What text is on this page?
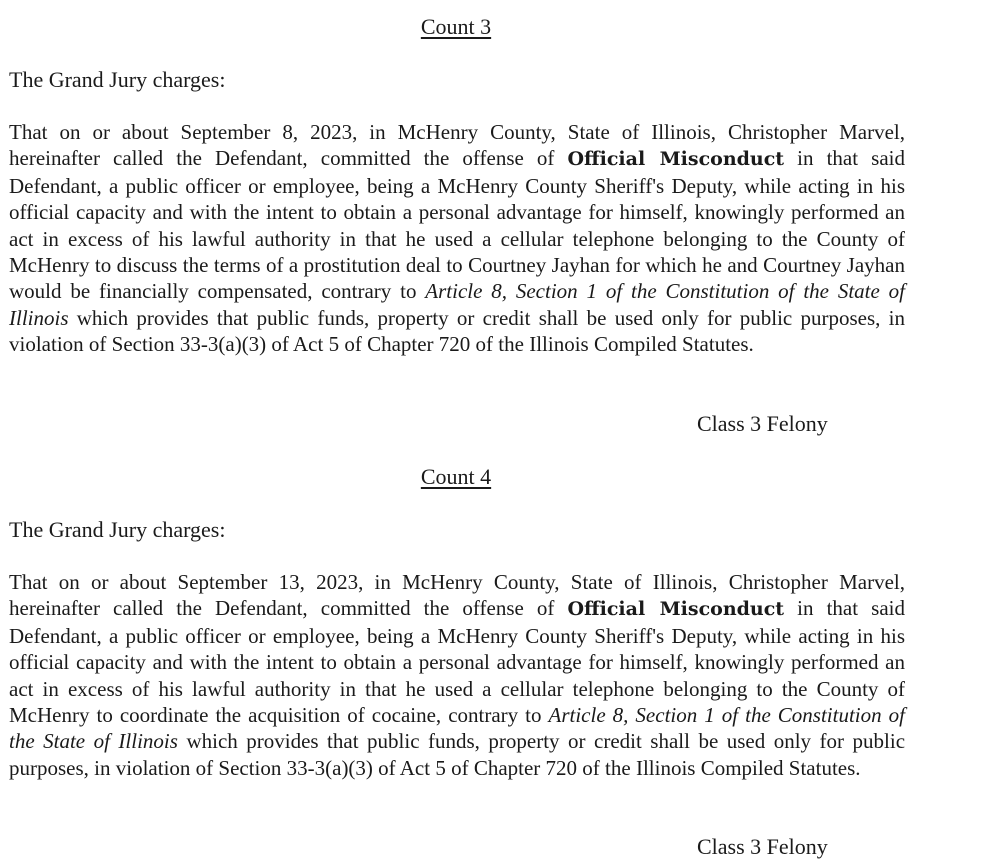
Count 3
The Grand Jury charges:
That on or about September 8, 2023, in McHenry County, State of Illinois, Christopher Marvel, hereinafter called the Defendant, committed the offense of Official Misconduct in that said Defendant, a public officer or employee, being a McHenry County Sheriff's Deputy, while acting in his official capacity and with the intent to obtain a personal advantage for himself, knowingly performed an act in excess of his lawful authority in that he used a cellular telephone belonging to the County of McHenry to discuss the terms of a prostitution deal to Courtney Jayhan for which he and Courtney Jayhan would be financially compensated, contrary to Article 8, Section 1 of the Constitution of the State of Illinois which provides that public funds, property or credit shall be used only for public purposes, in violation of Section 33-3(a)(3) of Act 5 of Chapter 720 of the Illinois Compiled Statutes.
Class 3 Felony
Count 4
The Grand Jury charges:
That on or about September 13, 2023, in McHenry County, State of Illinois, Christopher Marvel, hereinafter called the Defendant, committed the offense of Official Misconduct in that said Defendant, a public officer or employee, being a McHenry County Sheriff's Deputy, while acting in his official capacity and with the intent to obtain a personal advantage for himself, knowingly performed an act in excess of his lawful authority in that he used a cellular telephone belonging to the County of McHenry to coordinate the acquisition of cocaine, contrary to Article 8, Section 1 of the Constitution of the State of Illinois which provides that public funds, property or credit shall be used only for public purposes, in violation of Section 33-3(a)(3) of Act 5 of Chapter 720 of the Illinois Compiled Statutes.
Class 3 Felony
